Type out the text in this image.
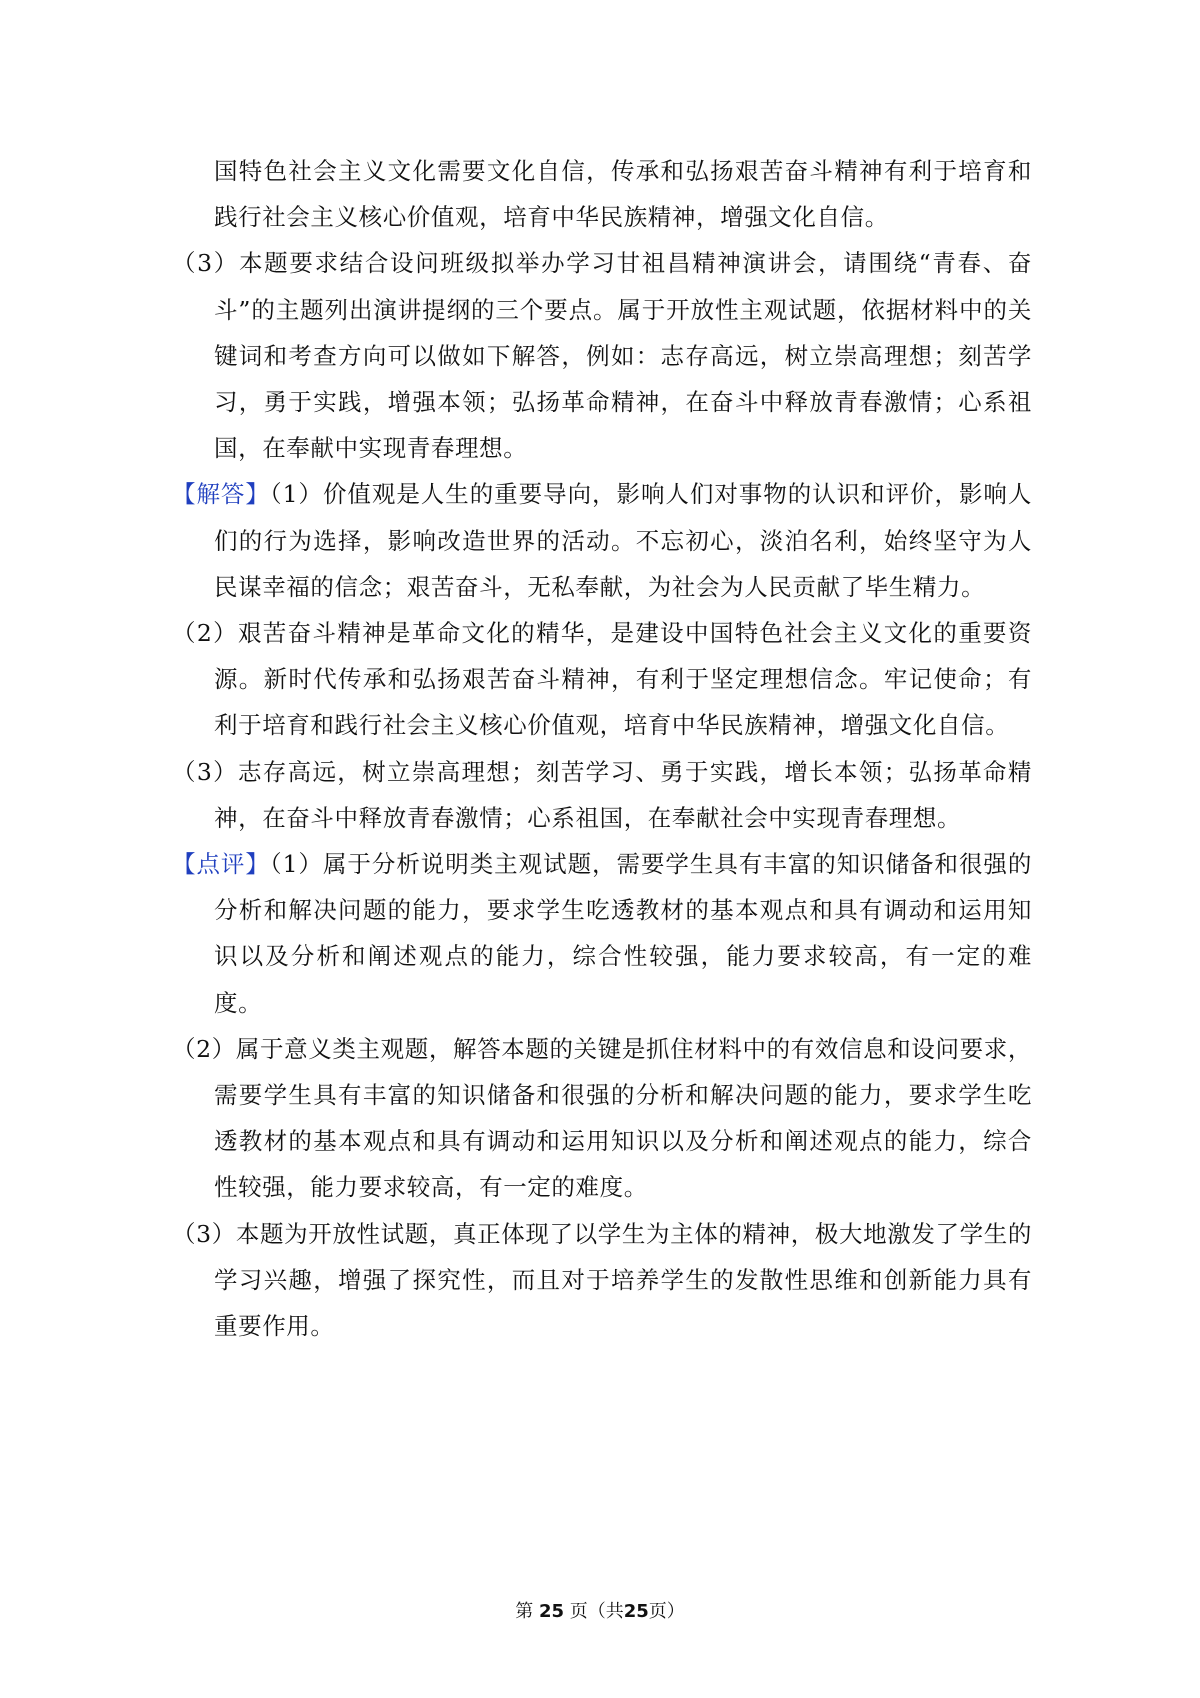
国特色社会主义文化需要文化自信，传承和弘扬艰苦奋斗精神有利于培育和践行社会主义核心价值观，培育中华民族精神，增强文化自信。

（3）本题要求结合设问班级拟举办学习甘祖昌精神演讲会，请围绕“青春、奋斗”的主题列出演讲提纲的三个要点。属于开放性主观试题，依据材料中的关键词和考查方向可以做如下解答，例如：志存高远，树立崇高理想；刻苦学习，勇于实践，增强本领；弘扬革命精神，在奋斗中释放青春激情；心系祖国，在奉献中实现青春理想。

【解答】（1）价值观是人生的重要导向，影响人们对事物的认识和评价，影响人们的行为选择，影响改造世界的活动。不忘初心，淡泊名利，始终坚守为人民谋幸福的信念；艰苦奋斗，无私奉献，为社会为人民贡献了毕生精力。

（2）艰苦奋斗精神是革命文化的精华，是建设中国特色社会主义文化的重要资源。新时代传承和弘扬艰苦奋斗精神，有利于坚定理想信念。牢记使命；有利于培育和践行社会主义核心价值观，培育中华民族精神，增强文化自信。

（3）志存高远，树立崇高理想；刻苦学习、勇于实践，增长本领；弘扬革命精神，在奋斗中释放青春激情；心系祖国，在奉献社会中实现青春理想。

【点评】（1）属于分析说明类主观试题，需要学生具有丰富的知识储备和很强的分析和解决问题的能力，要求学生吃透教材的基本观点和具有调动和运用知识以及分析和阐述观点的能力，综合性较强，能力要求较高，有一定的难度。

（2）属于意义类主观题，解答本题的关键是抓住材料中的有效信息和设问要求，需要学生具有丰富的知识储备和很强的分析和解决问题的能力，要求学生吃透教材的基本观点和具有调动和运用知识以及分析和阐述观点的能力，综合性较强，能力要求较高，有一定的难度。

（3）本题为开放性试题，真正体现了以学生为主体的精神，极大地激发了学生的学习兴趣，增强了探究性，而且对于培养学生的发散性思维和创新能力具有重要作用。

第 25 页（共25页）
